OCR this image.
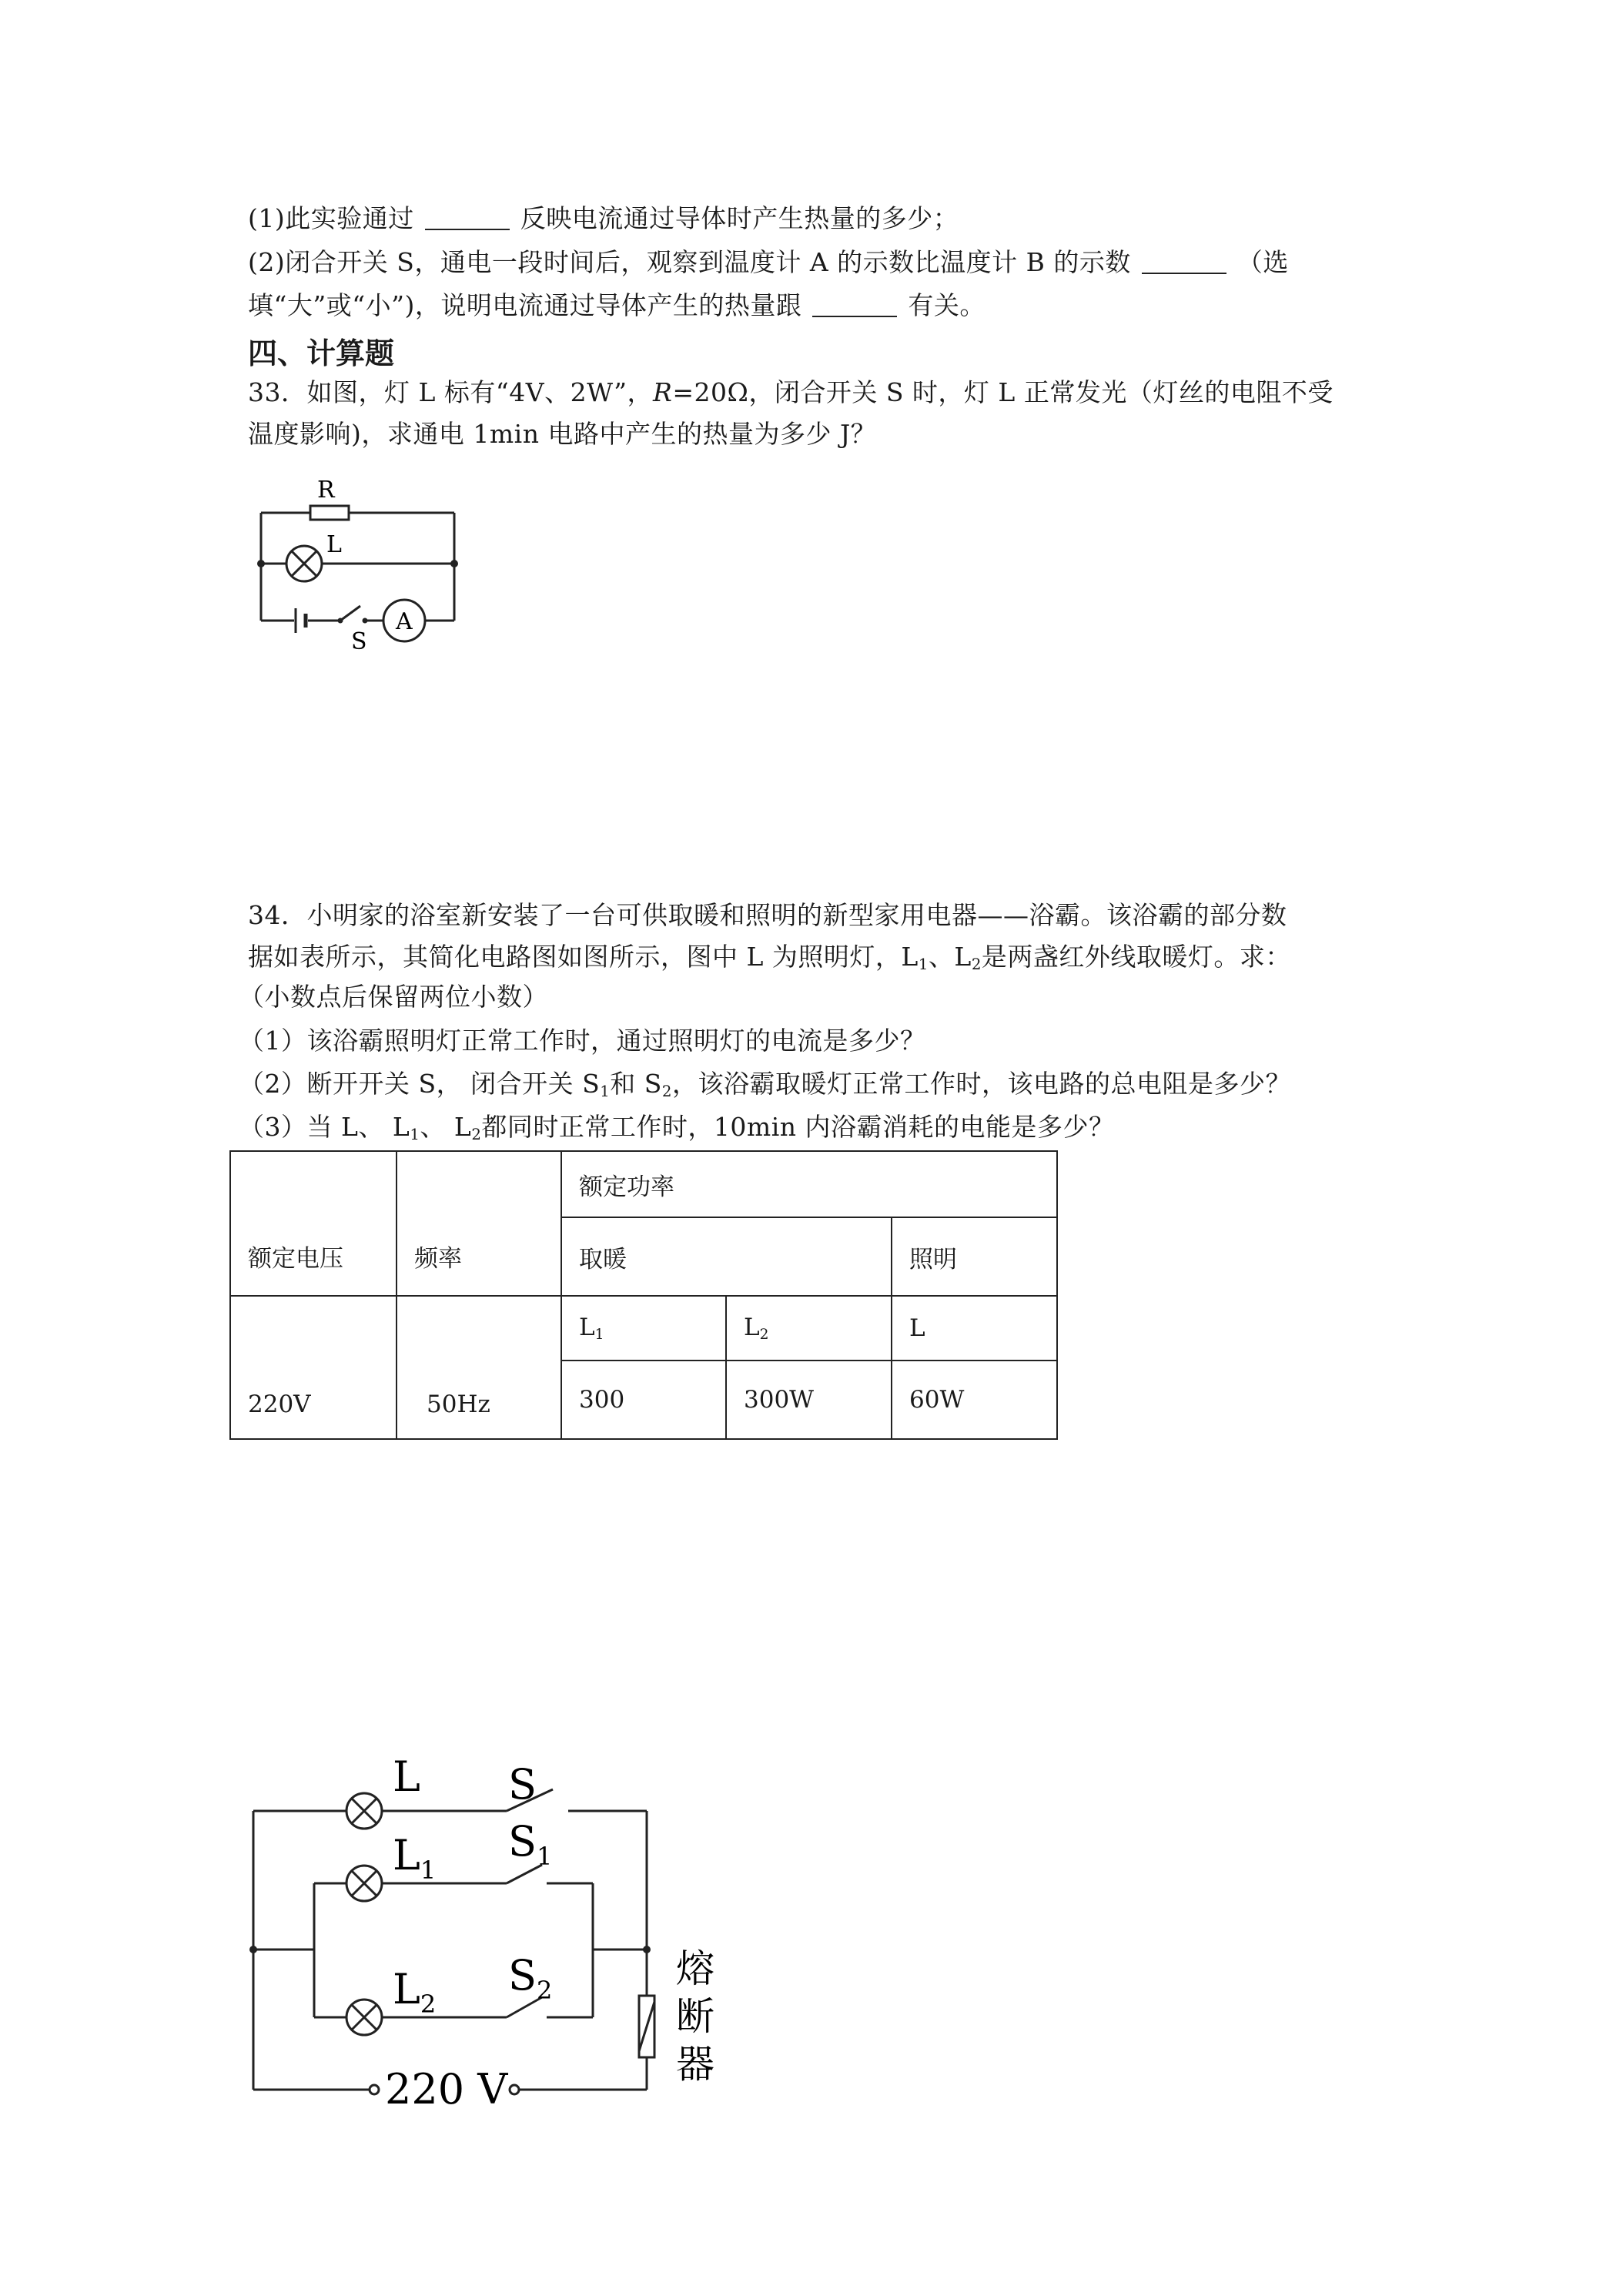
(1)此实验通过	反映电流通过导体时产生热量的多少；
(2)闭合开关 S，通电一段时间后，观察到温度计 A 的示数比温度计 B 的示数	（选
填“大”或“小”)，说明电流通过导体产生的热量跟	有关。
四、计算题
33．如图，灯 L 标有“4V、2W”，R=20Ω，闭合开关 S 时，灯 L 正常发光（灯丝的电阻不受
温度影响)，求通电 1min 电路中产生的热量为多少 J？
R
L
S
A
34．小明家的浴室新安装了一台可供取暖和照明的新型家用电器——浴霸。该浴霸的部分数
据如表所示，其简化电路图如图所示，图中 L 为照明灯，$L_1$、$L_2$是两盏红外线取暖灯。求：
（小数点后保留两位小数）
（1）该浴霸照明灯正常工作时，通过照明灯的电流是多少？
（2）断开开关 S， 闭合开关 $S_1$和 $S_2$，该浴霸取暖灯正常工作时，该电路的总电阻是多少？
（3）当 L、 $L_1$、 $L_2$都同时正常工作时，10min 内浴霸消耗的电能是多少？
额定电压	频率	额定功率		
		取暖		照明
220V	50Hz	$L_1$	$L_2$	L
		300	300W	60W
L
$L_1$
$L_2$
S
$S_1$
$S_2$	熔
断
器
220 V
